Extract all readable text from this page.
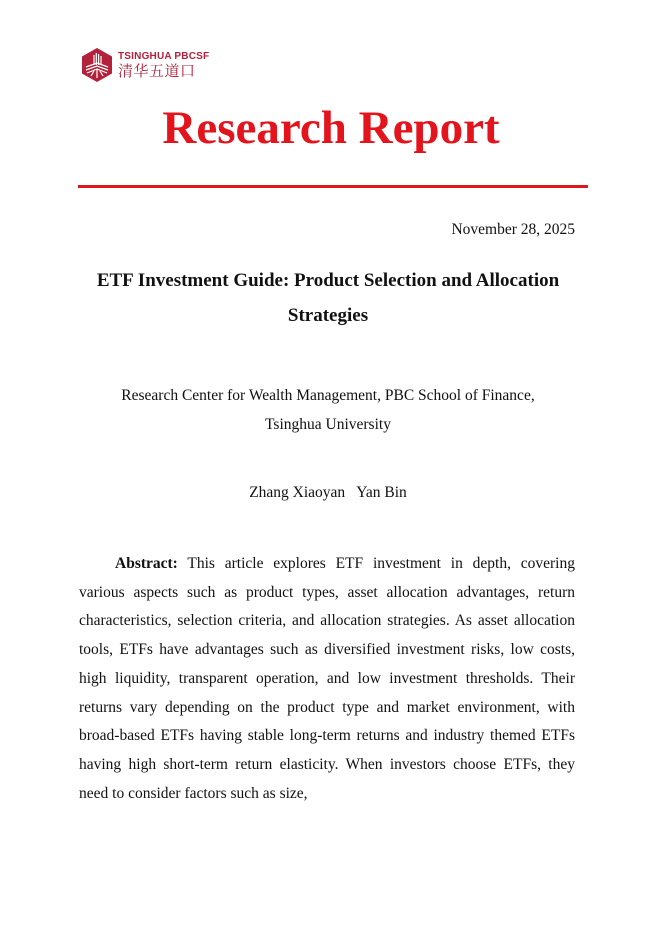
TSINGHUA PBCSF
清华五道口
Research Report
November 28, 2025
ETF Investment Guide: Product Selection and Allocation Strategies
Research Center for Wealth Management, PBC School of Finance,
Tsinghua University
Zhang Xiaoyan   Yan Bin

Abstract: This article explores ETF investment in depth, covering various aspects such as product types, asset allocation advantages, return characteristics, selection criteria, and allocation strategies. As asset allocation tools, ETFs have advantages such as diversified investment risks, low costs, high liquidity, transparent operation, and low investment thresholds. Their returns vary depending on the product type and market environment, with broad-based ETFs having stable long-term returns and industry themed ETFs having high short-term return elasticity. When investors choose ETFs, they need to consider factors such as size,
